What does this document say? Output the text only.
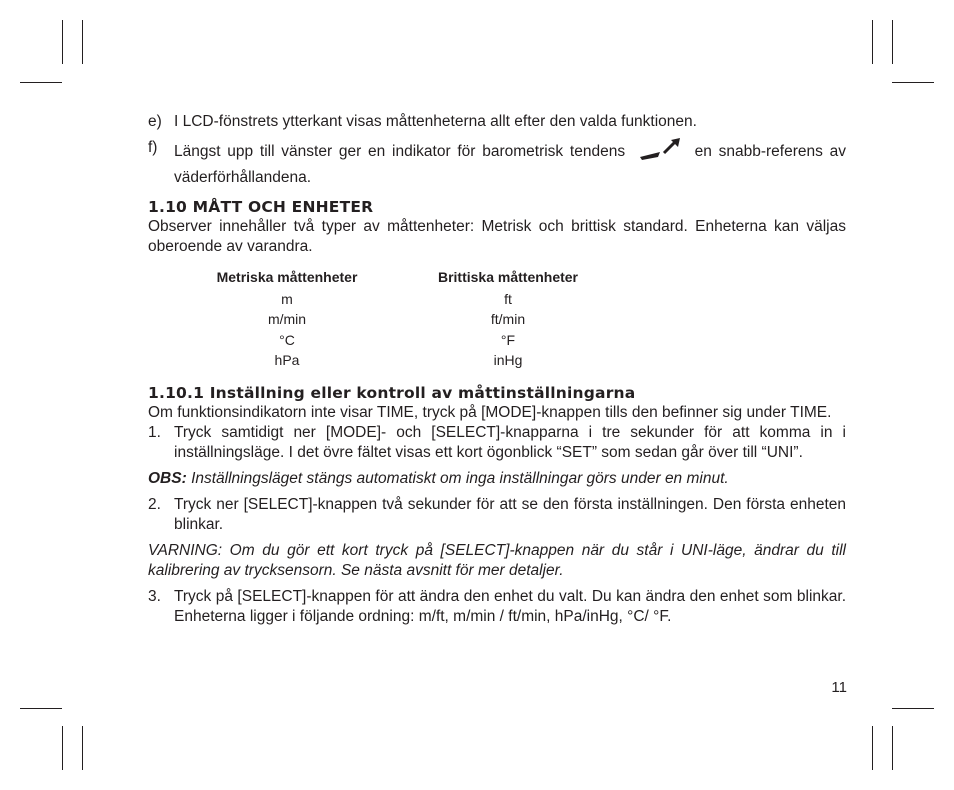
e) I LCD-fönstrets ytterkant visas måttenheterna allt efter den valda funktionen.
f)	Längst upp till vänster ger en indikator för barometrisk tendens	en snabb-referens av väderförhållandena.
1.10 MÅTT OCH ENHETER

Observer innehåller två typer av måttenheter: Metrisk och brittisk standard. Enheterna kan väljas oberoende av varandra.

Metriska måttenheter	Brittiska måttenheter
m	ft
m/min	ft/min
°C	°F
hPa	inHg
1.10.1 Inställning eller kontroll av måttinställningarna

Om funktionsindikatorn inte visar TIME, tryck på [MODE]-knappen tills den befinner sig under TIME.

1. Tryck samtidigt ner [MODE]- och [SELECT]-knapparna i tre sekunder för att komma in i inställningsläge. I det övre fältet visas ett kort ögonblick “SET” som sedan går över till “UNI”.

OBS: Inställningsläget stängs automatiskt om inga inställningar görs under en minut.

2. Tryck ner [SELECT]-knappen två sekunder för att se den första inställningen. Den första enheten blinkar.

VARNING: Om du gör ett kort tryck på [SELECT]-knappen när du står i UNI-läge, ändrar du till kalibrering av trycksensorn. Se nästa avsnitt för mer detaljer.

3. Tryck på [SELECT]-knappen för att ändra den enhet du valt. Du kan ändra den enhet som blinkar. Enheterna ligger i följande ordning: m/ft, m/min / ft/min, hPa/inHg, °C/ °F.
11
